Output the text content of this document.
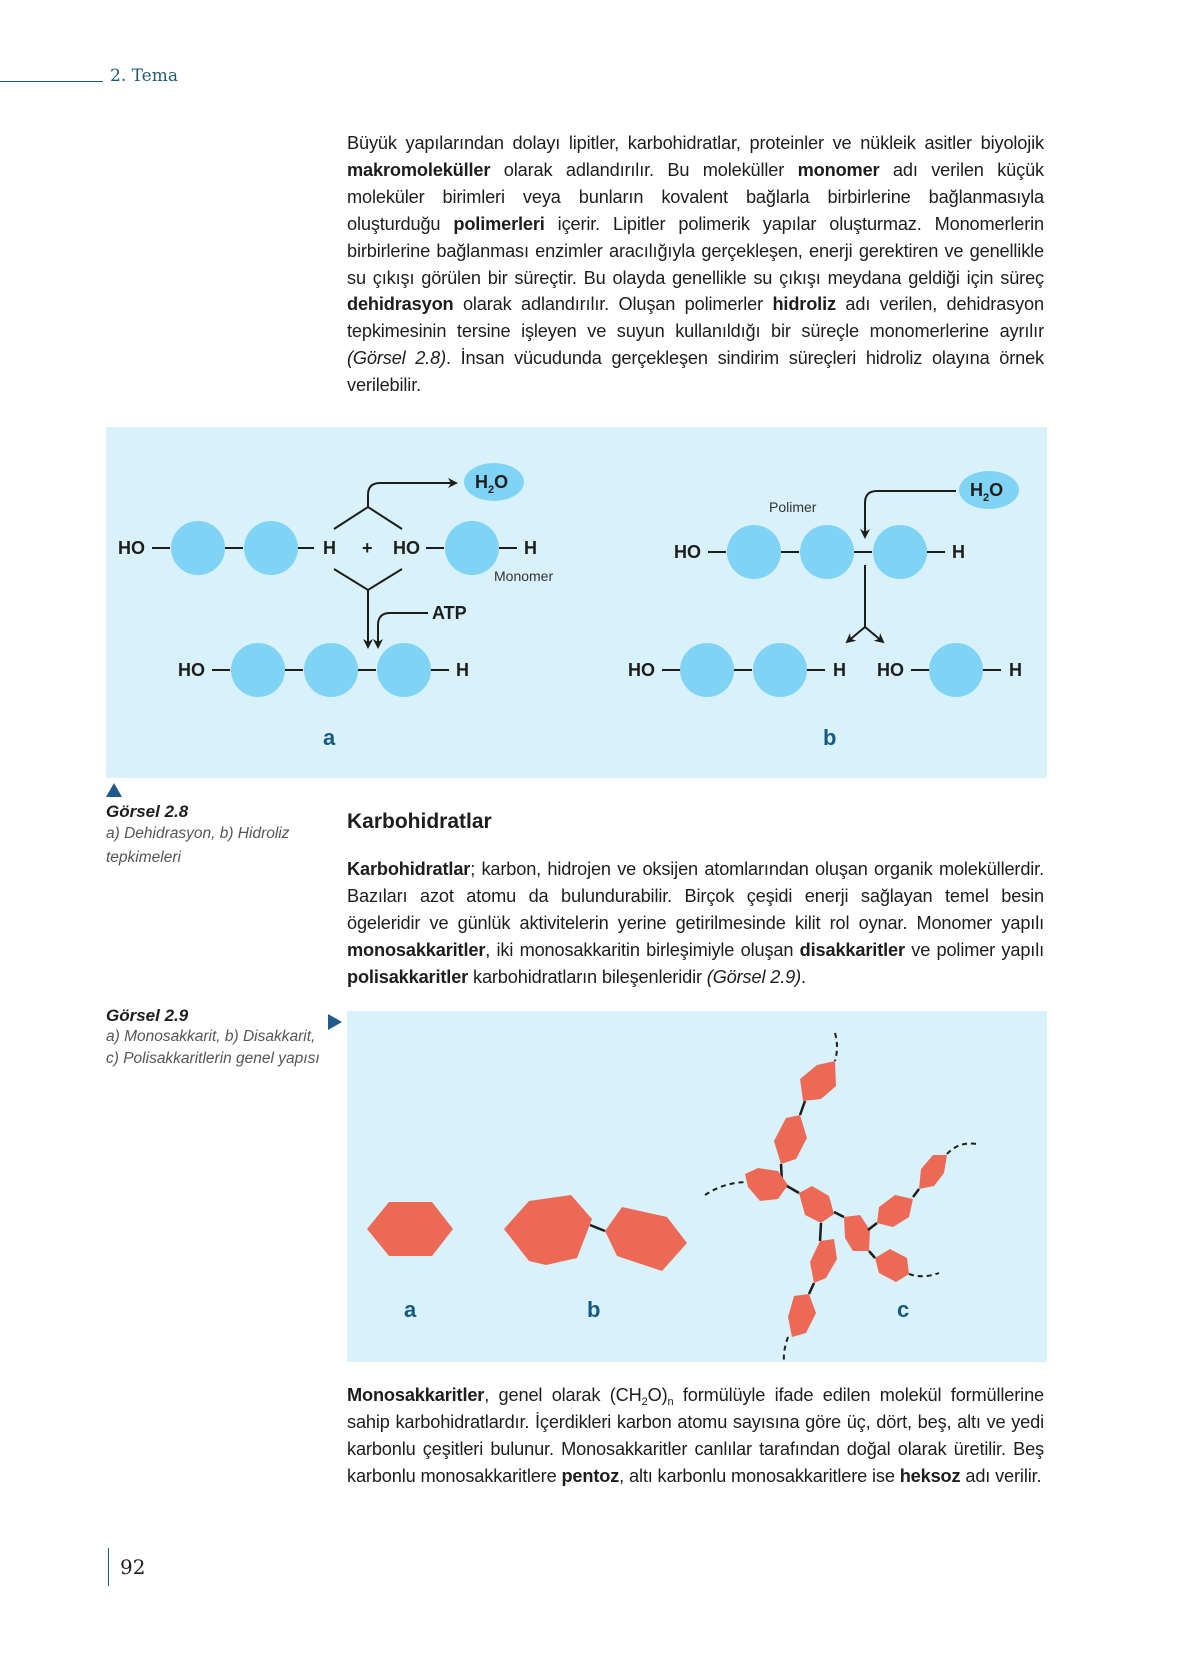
2. Tema
Büyük yapılarından dolayı lipitler, karbohidratlar, proteinler ve nükleik asitler biyolojik makromoleküller olarak adlandırılır. Bu moleküller monomer adı verilen küçük moleküler birimleri veya bunların kovalent bağlarla birbirlerine bağlanmasıyla oluşturduğu polimerleri içerir. Lipitler polimerik yapılar oluşturmaz. Monomerlerin birbirlerine bağlanması enzimler aracılığıyla gerçekleşen, enerji gerektiren ve genellikle su çıkışı görülen bir süreçtir. Bu olayda genellikle su çıkışı meydana geldiği için süreç dehidrasyon olarak adlandırılır. Oluşan polimerler hidroliz adı verilen, dehidrasyon tepkimesinin tersine işleyen ve suyun kullanıldığı bir süreçle monomerlerine ayrılır (Görsel 2.8). İnsan vücudunda gerçekleşen sindirim süreçleri hidroliz olayına örnek verilebilir.
HO	H + HO	H
Monomer
$H_2O$
ATP
HO	H
a
HO	H
Polimer
$H_2O$
HO	H HO	H
b
Görsel 2.8
a) Dehidrasyon, b) Hidroliz tepkimeleri
Karbohidratlar
Karbohidratlar; karbon, hidrojen ve oksijen atomlarından oluşan organik moleküllerdir. Bazıları azot atomu da bulundurabilir. Birçok çeşidi enerji sağlayan temel besin ögeleridir ve günlük aktivitelerin yerine getirilmesinde kilit rol oynar. Monomer yapılı monosakkaritler, iki monosakkaritin birleşimiyle oluşan disakkaritler ve polimer yapılı polisakkaritler karbohidratların bileşenleridir (Görsel 2.9).
Görsel 2.9
a) Monosakkarit, b) Disakkarit, c) Polisakkaritlerin genel yapısı
a	b	c
Monosakkaritler, genel olarak $(CH_2O)_n$ formülüyle ifade edilen molekül formüllerine sahip karbohidratlardır. İçerdikleri karbon atomu sayısına göre üç, dört, beş, altı ve yedi karbonlu çeşitleri bulunur. Monosakkaritler canlılar tarafından doğal olarak üretilir. Beş karbonlu monosakkaritlere pentoz, altı karbonlu monosakkaritlere ise heksoz adı verilir.
92
